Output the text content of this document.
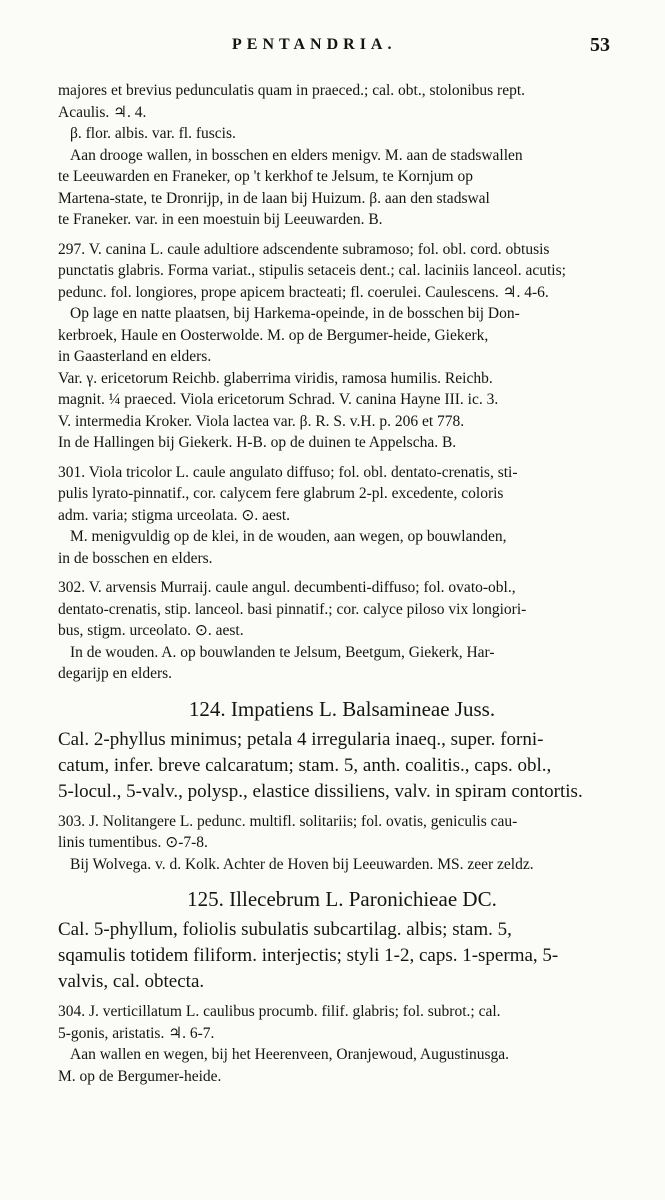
PENTANDRIA.	53
majores et brevius pedunculatis quam in praeced.; cal. obt., stolonibus rept.
Acaulis. ♃. 4.
β. flor. albis. var. fl. fuscis.
Aan drooge wallen, in bosschen en elders menigv. M. aan de stadswallen
te Leeuwarden en Franeker, op 't kerkhof te Jelsum, te Kornjum op
Martena-state, te Dronrijp, in de laan bij Huizum. β. aan den stadswal
te Franeker. var. in een moestuin bij Leeuwarden. B.
297. V. canina L. caule adultiore adscendente subramoso; fol. obl. cord. obtusis
punctatis glabris. Forma variat., stipulis setaceis dent.; cal. laciniis lanceol. acutis;
pedunc. fol. longiores, prope apicem bracteati; fl. coerulei. Caulescens. ♃. 4-6.
Op lage en natte plaatsen, bij Harkema-opeinde, in de bosschen bij Don-
kerbroek, Haule en Oosterwolde. M. op de Bergumer-heide, Giekerk,
in Gaasterland en elders.
Var. γ. ericetorum Reichb. glaberrima viridis, ramosa humilis. Reichb.
magnit. ¼ praeced. Viola ericetorum Schrad. V. canina Hayne III. ic. 3.
V. intermedia Kroker. Viola lactea var. β. R. S. v.H. p. 206 et 778.
In de Hallingen bij Giekerk. H-B. op de duinen te Appelscha. B.
301. Viola tricolor L. caule angulato diffuso; fol. obl. dentato-crenatis, sti-
pulis lyrato-pinnatif., cor. calycem fere glabrum 2-pl. excedente, coloris
adm. varia; stigma urceolata. ⊙. aest.
M. menigvuldig op de klei, in de wouden, aan wegen, op bouwlanden,
in de bosschen en elders.
302. V. arvensis Murraij. caule angul. decumbenti-diffuso; fol. ovato-obl.,
dentato-crenatis, stip. lanceol. basi pinnatif.; cor. calyce piloso vix longiori-
bus, stigm. urceolato. ⊙. aest.
In de wouden. A. op bouwlanden te Jelsum, Beetgum, Giekerk, Har-
degarijp en elders.
124. Impatiens L. Balsamineae Juss.
Cal. 2-phyllus minimus; petala 4 irregularia inaeq., super. forni-
catum, infer. breve calcaratum; stam. 5, anth. coalitis., caps. obl.,
5-locul., 5-valv., polysp., elastice dissiliens, valv. in spiram contortis.
303. J. Nolitangere L. pedunc. multifl. solitariis; fol. ovatis, geniculis cau-
linis tumentibus. ⊙-7-8.
Bij Wolvega. v. d. Kolk. Achter de Hoven bij Leeuwarden. MS. zeer zeldz.
125. Illecebrum L. Paronichieae DC.
Cal. 5-phyllum, foliolis subulatis subcartilag. albis; stam. 5,
sqamulis totidem filiform. interjectis; styli 1-2, caps. 1-sperma, 5-
valvis, cal. obtecta.
304. J. verticillatum L. caulibus procumb. filif. glabris; fol. subrot.; cal.
5-gonis, aristatis. ♃. 6-7.
Aan wallen en wegen, bij het Heerenveen, Oranjewoud, Augustinusga.
M. op de Bergumer-heide.
